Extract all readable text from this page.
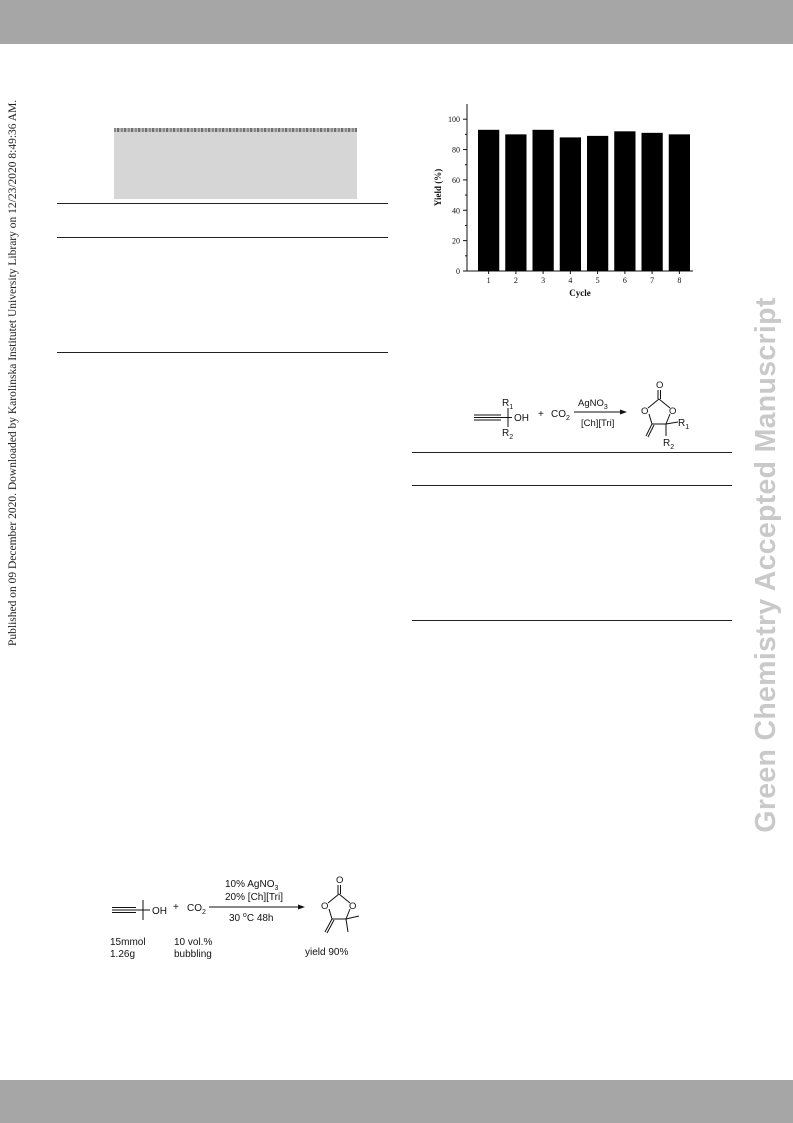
Published on 09 December 2020. Downloaded by Karolinska Institutet University Library on 12/23/2020 8:49:36 AM.	Green Chemistry Accepted Manuscript
0
20
40
60
80
100
1	2	3	4	5	6	7	8
Cycle
Yield (%)
$R_1$
OH
$R_2$
+ $CO_2$
AgNO$_3$
[Ch][Tri]
O
O O
$R_1$
$R_2$
OH + $CO_2$
10% AgNO$_3$
20% [Ch][Tri]
30 $^o$C 48h
O
O O
15mmol
1.26g
10 vol.%
bubbling	yield 90%
